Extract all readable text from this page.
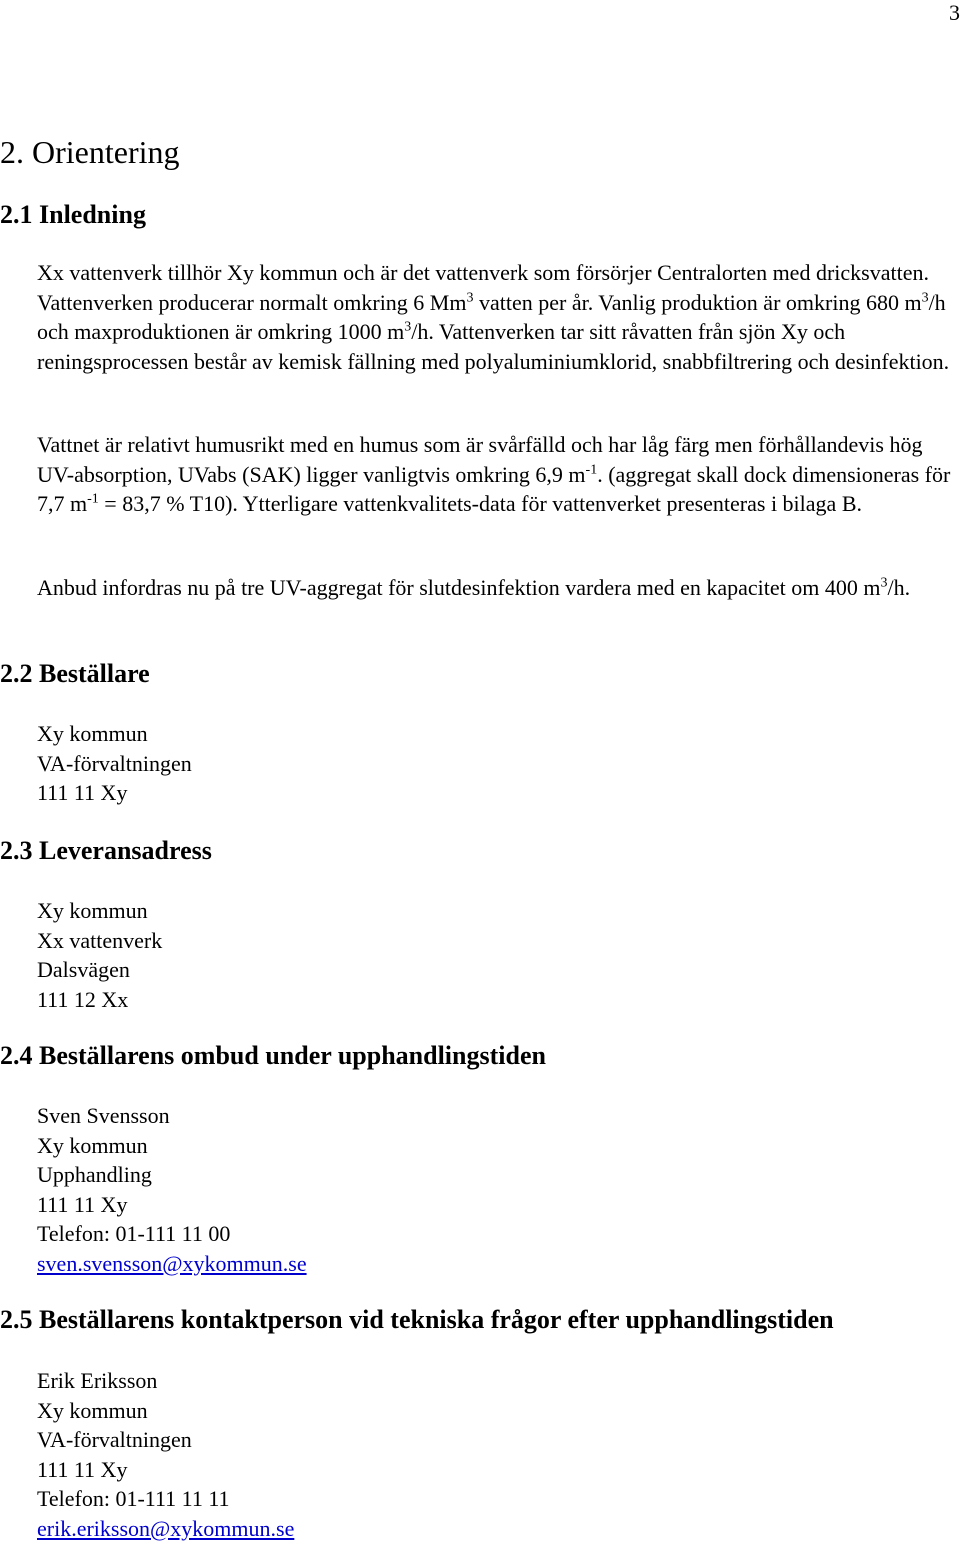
3
2. Orientering
2.1 Inledning

Xx vattenverk tillhör Xy kommun och är det vattenverk som försörjer Centralorten med dricksvatten. Vattenverken producerar normalt omkring 6 Mm$^3$ vatten per år. Vanlig produktion är omkring 680 $m^3/h$ och maxproduktionen är omkring 1000 $m^3/h$. Vattenverken tar sitt råvatten från sjön Xy och reningsprocessen består av kemisk fällning med polyaluminiumklorid, snabbfiltrering och desinfektion.

Vattnet är relativt humusrikt med en humus som är svårfälld och har låg färg men förhållandevis hög UV-absorption, UVabs (SAK) ligger vanligtvis omkring 6,9 $m^{-1}$. (aggregat skall dock dimensioneras för 7,7 $m^{-1} = 83,7$ % T10). Ytterligare vattenkvalitets-data för vattenverket presenteras i bilaga B.

Anbud infordras nu på tre UV-aggregat för slutdesinfektion vardera med en kapacitet om 400 $m^3/h$.

2.2 Beställare
Xy kommun
VA-förvaltningen
111 11 Xy
2.3 Leveransadress
Xy kommun
Xx vattenverk
Dalsvägen
111 12 Xx
2.4 Beställarens ombud under upphandlingstiden
Sven Svensson
Xy kommun
Upphandling
111 11 Xy
Telefon: 01-111 11 00
sven.svensson@xykommun.se
2.5 Beställarens kontaktperson vid tekniska frågor efter upphandlingstiden
Erik Eriksson
Xy kommun
VA-förvaltningen
111 11 Xy
Telefon: 01-111 11 11
erik.eriksson@xykommun.se
